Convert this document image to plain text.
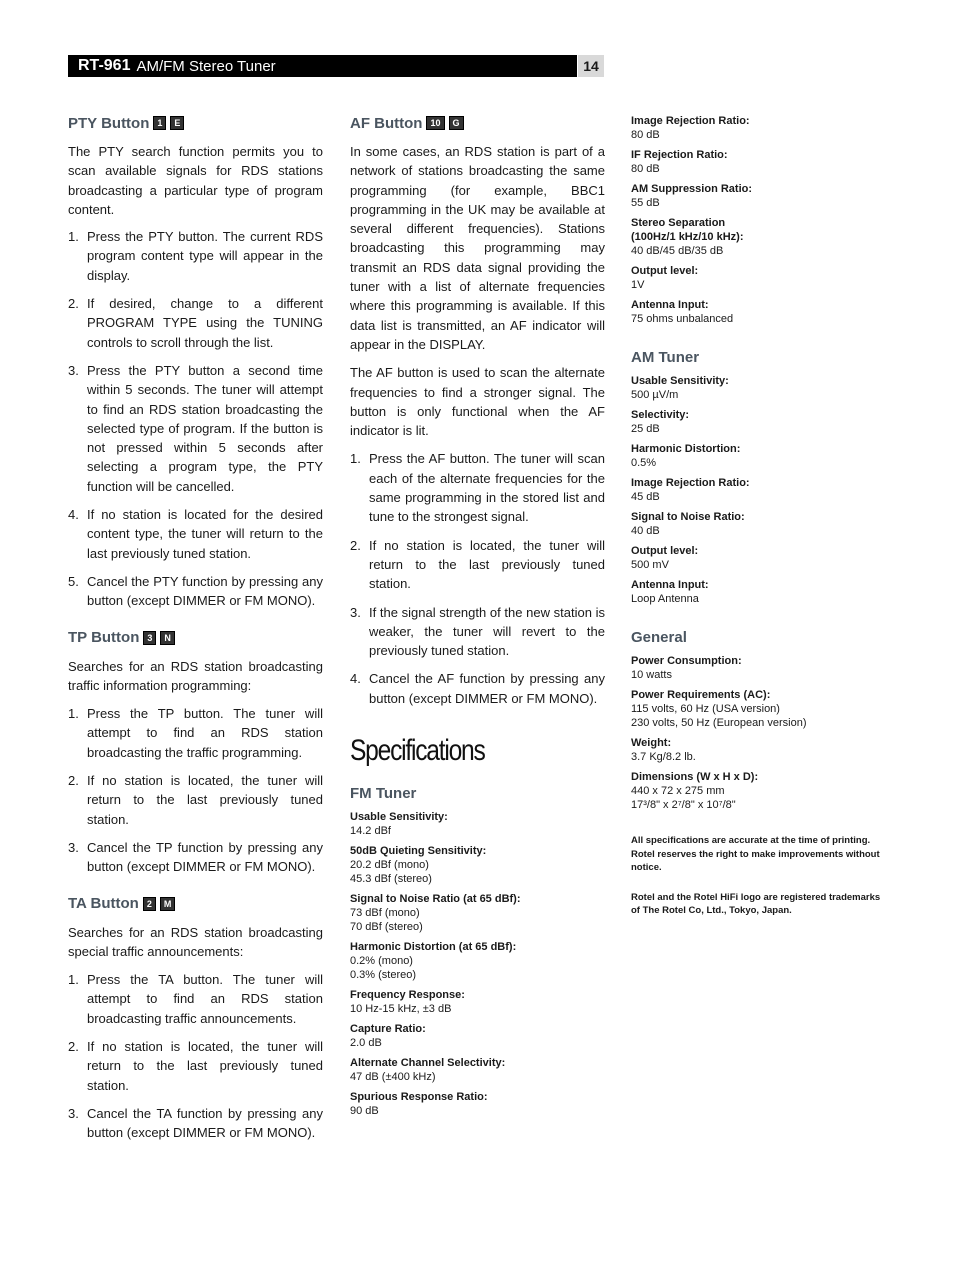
RT-961 AM/FM Stereo Tuner	14
PTY Button 1	E

The PTY search function permits you to scan available signals for RDS stations broadcasting a particular type of program content.

1. Press the PTY button. The current RDS program content type will appear in the display.
2. If desired, change to a different PROGRAM TYPE using the TUNING controls to scroll through the list.
3. Press the PTY button a second time within 5 seconds. The tuner will attempt to find an RDS station broadcasting the selected type of program. If the button is not pressed within 5 seconds after selecting a program type, the PTY function will be cancelled.
4. If no station is located for the desired content type, the tuner will return to the last previously tuned station.
5. Cancel the PTY function by pressing any button (except DIMMER or FM MONO).
TP Button 3	N

Searches for an RDS station broadcasting traffic information programming:

1. Press the TP button. The tuner will attempt to find an RDS station broadcasting the traffic programming.
2. If no station is located, the tuner will return to the last previously tuned station.
3. Cancel the TP function by pressing any button (except DIMMER or FM MONO).
TA Button 2	M

Searches for an RDS station broadcasting special traffic announcements:

1. Press the TA button. The tuner will attempt to find an RDS station broadcasting traffic announcements.
2. If no station is located, the tuner will return to the last previously tuned station.
3. Cancel the TA function by pressing any button (except DIMMER or FM MONO).
AF Button 10	G

In some cases, an RDS station is part of a network of stations broadcasting the same programming (for example, BBC1 programming in the UK may be available at several different frequencies). Stations broadcasting this programming may transmit an RDS data signal providing the tuner with a list of alternate frequencies where this programming is available. If this data list is transmitted, an AF indicator will appear in the DISPLAY.

The AF button is used to scan the alternate frequencies to find a stronger signal. The button is only functional when the AF indicator is lit.

1. Press the AF button. The tuner will scan each of the alternate frequencies for the same programming in the stored list and tune to the strongest signal.
2. If no station is located, the tuner will return to the last previously tuned station.
3. If the signal strength of the new station is weaker, the tuner will revert to the previously tuned station.
4. Cancel the AF function by pressing any button (except DIMMER or FM MONO).
Specifications
FM Tuner
Usable Sensitivity:
14.2 dBf
50dB Quieting Sensitivity:
20.2 dBf (mono)
45.3 dBf (stereo)
Signal to Noise Ratio (at 65 dBf):
73 dBf (mono)
70 dBf (stereo)
Harmonic Distortion (at 65 dBf):
0.2% (mono)
0.3% (stereo)
Frequency Response:
10 Hz-15 kHz, ±3 dB
Capture Ratio:
2.0 dB
Alternate Channel Selectivity:
47 dB (±400 kHz)
Spurious Response Ratio:
90 dB
Image Rejection Ratio:
80 dB
IF Rejection Ratio:
80 dB
AM Suppression Ratio:
55 dB
Stereo Separation
(100Hz/1 kHz/10 kHz):
40 dB/45 dB/35 dB
Output level:
1V
Antenna Input:
75 ohms unbalanced
AM Tuner
Usable Sensitivity:
500 µV/m
Selectivity:
25 dB
Harmonic Distortion:
0.5%
Image Rejection Ratio:
45 dB
Signal to Noise Ratio:
40 dB
Output level:
500 mV
Antenna Input:
Loop Antenna
General
Power Consumption:
10 watts
Power Requirements (AC):
115 volts, 60 Hz (USA version)
230 volts, 50 Hz (European version)
Weight:
3.7 Kg/8.2 lb.
Dimensions (W x H x D):
440 x 72 x 275 mm
17³/8" x 2⁷/8" x 10⁷/8"
All specifications are accurate at the time of printing. Rotel reserves the right to make improvements without notice.
Rotel and the Rotel HiFi logo are registered trademarks of The Rotel Co, Ltd., Tokyo, Japan.
